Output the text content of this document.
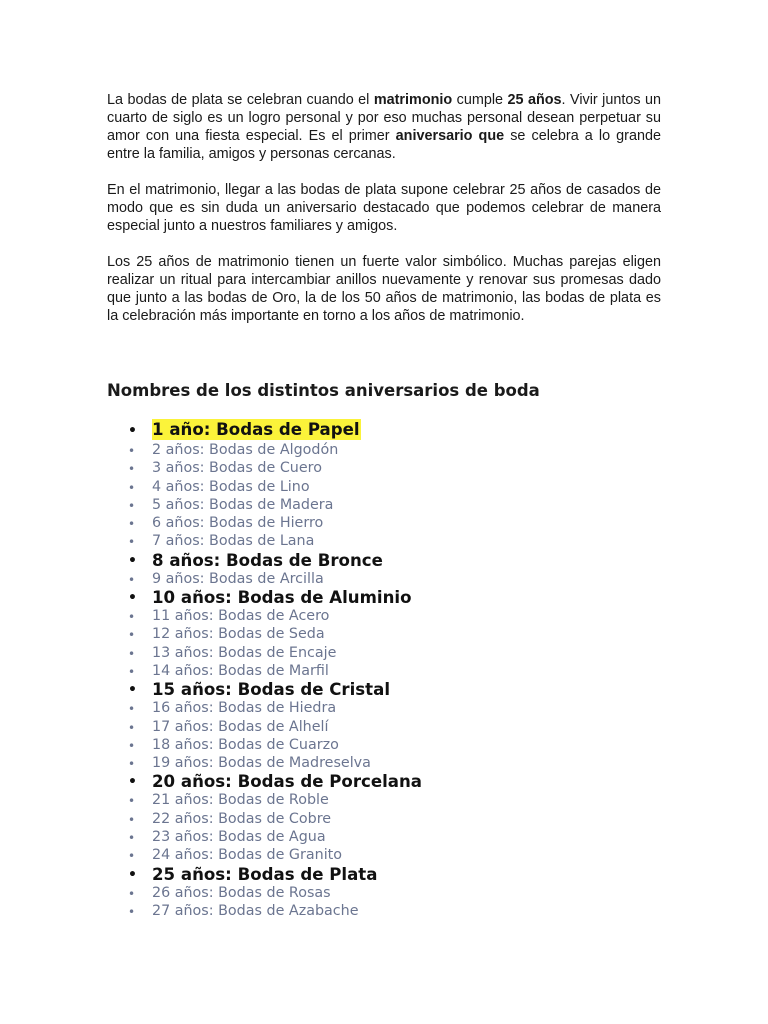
La bodas de plata se celebran cuando el matrimonio cumple 25 años. Vivir juntos un cuarto de siglo es un logro personal y por eso muchas personal desean perpetuar su amor con una fiesta especial. Es el primer aniversario que se celebra a lo grande entre la familia, amigos y personas cercanas.

En el matrimonio, llegar a las bodas de plata supone celebrar 25 años de casados de modo que es sin duda un aniversario destacado que podemos celebrar de manera especial junto a nuestros familiares y amigos.

Los 25 años de matrimonio tienen un fuerte valor simbólico. Muchas parejas eligen realizar un ritual para intercambiar anillos nuevamente y renovar sus promesas dado que junto a las bodas de Oro, la de los 50 años de matrimonio, las bodas de plata es la celebración más importante en torno a los años de matrimonio.

Nombres de los distintos aniversarios de boda
• 1 año: Bodas de Papel
• 2 años: Bodas de Algodón
• 3 años: Bodas de Cuero
• 4 años: Bodas de Lino
• 5 años: Bodas de Madera
• 6 años: Bodas de Hierro
• 7 años: Bodas de Lana
• 8 años: Bodas de Bronce
• 9 años: Bodas de Arcilla
• 10 años: Bodas de Aluminio
• 11 años: Bodas de Acero
• 12 años: Bodas de Seda
• 13 años: Bodas de Encaje
• 14 años: Bodas de Marfil
• 15 años: Bodas de Cristal
• 16 años: Bodas de Hiedra
• 17 años: Bodas de Alhelí
• 18 años: Bodas de Cuarzo
• 19 años: Bodas de Madreselva
• 20 años: Bodas de Porcelana
• 21 años: Bodas de Roble
• 22 años: Bodas de Cobre
• 23 años: Bodas de Agua
• 24 años: Bodas de Granito
• 25 años: Bodas de Plata
• 26 años: Bodas de Rosas
• 27 años: Bodas de Azabache
